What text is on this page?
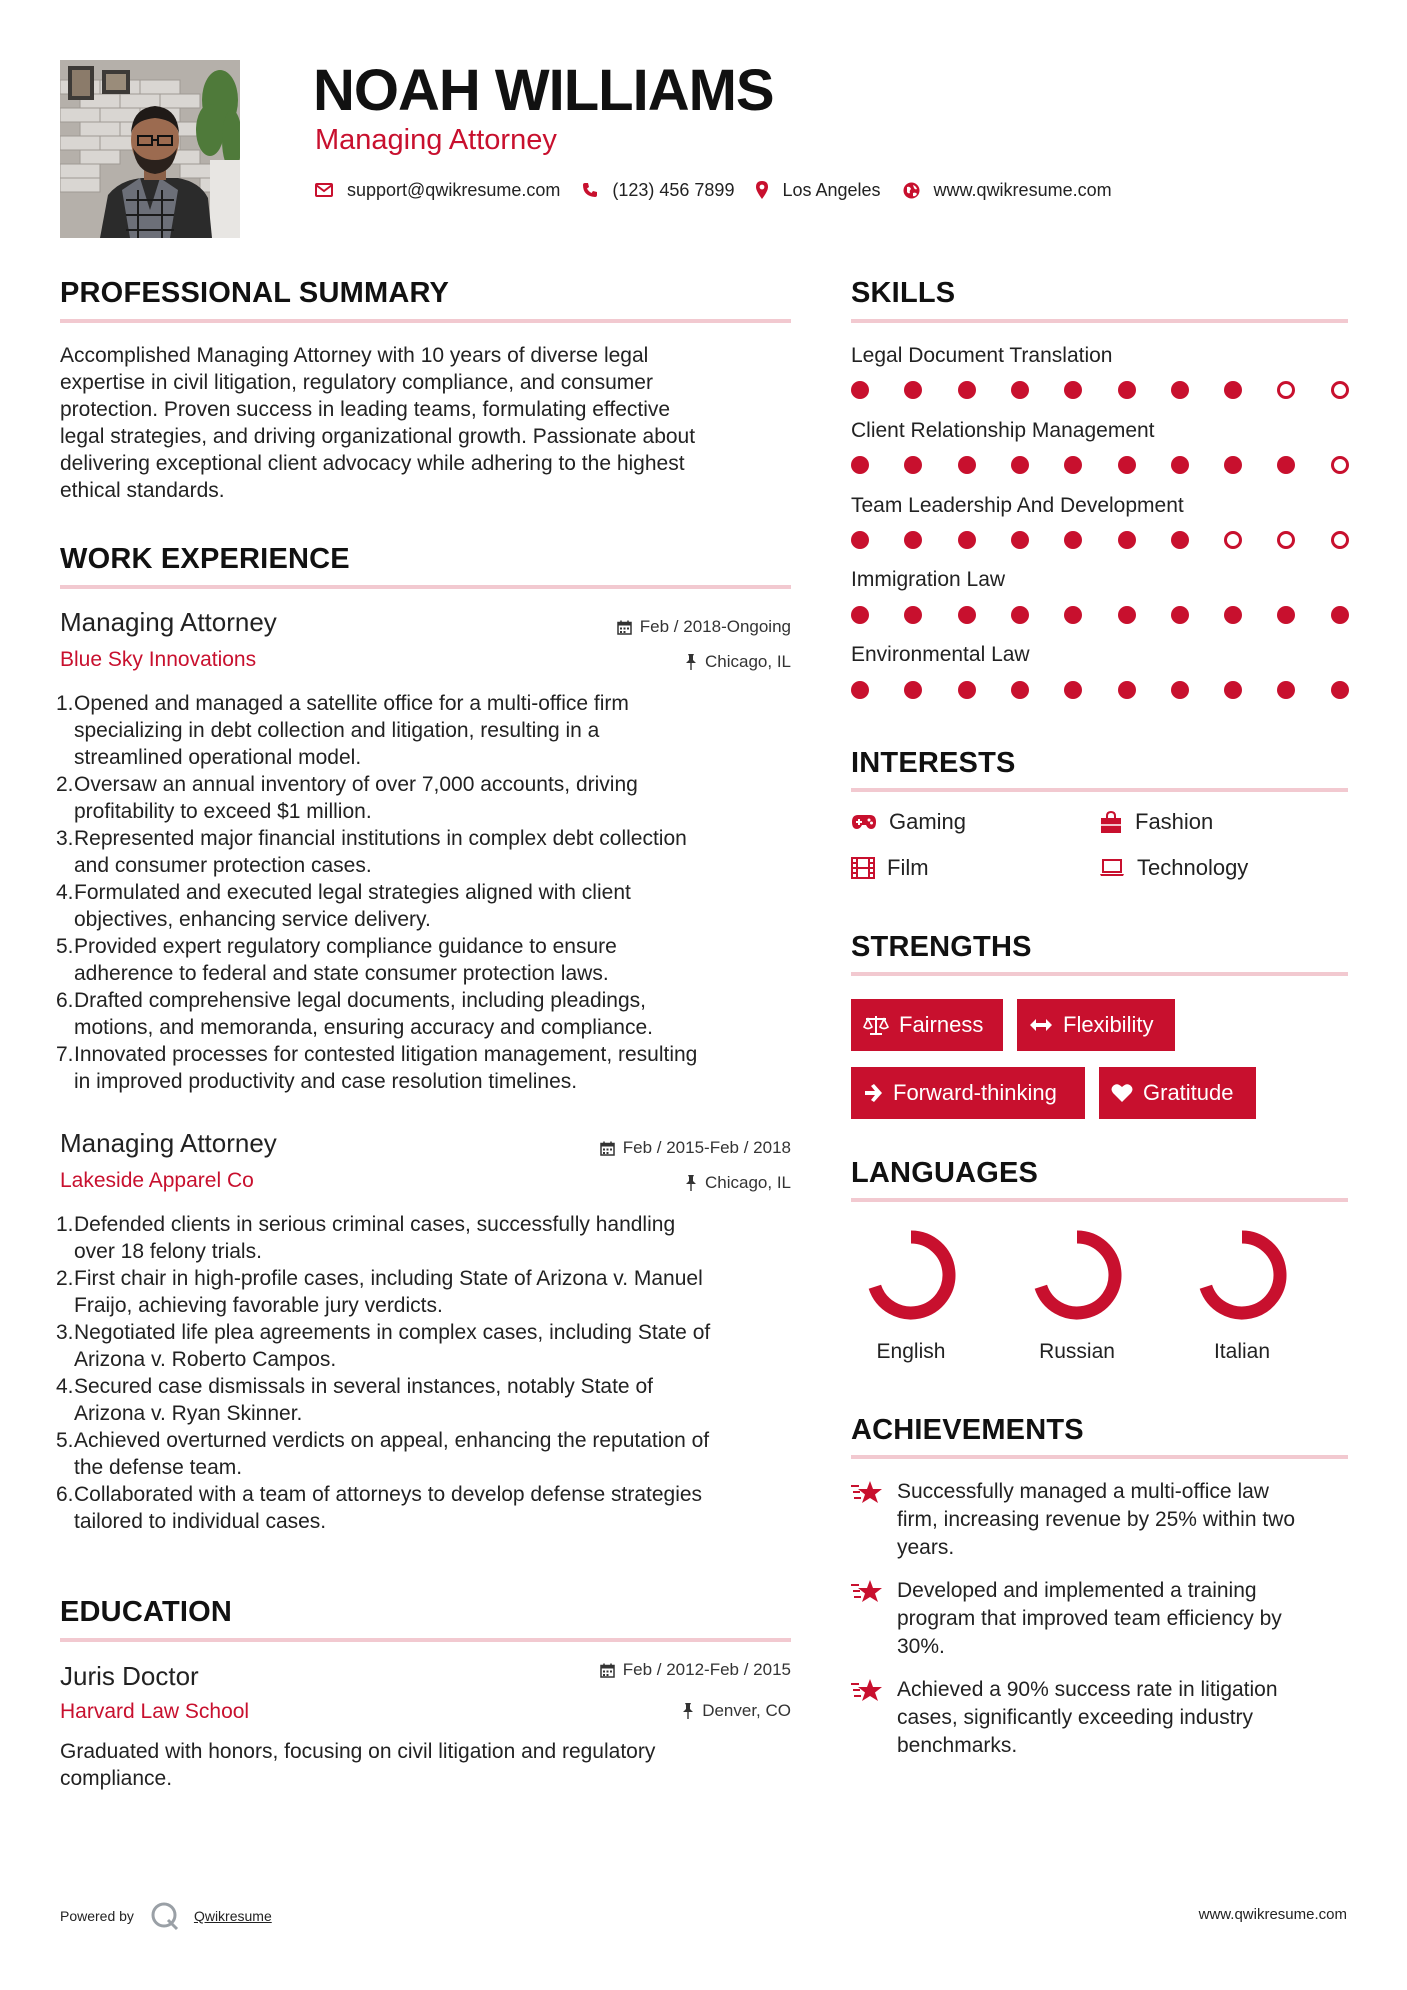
NOAH WILLIAMS
Managing Attorney
support@qwikresume.com	(123) 456 7899	Los Angeles	www.qwikresume.com
PROFESSIONAL SUMMARY
Accomplished Managing Attorney with 10 years of diverse legal
expertise in civil litigation, regulatory compliance, and consumer
protection. Proven success in leading teams, formulating effective
legal strategies, and driving organizational growth. Passionate about
delivering exceptional client advocacy while adhering to the highest
ethical standards.
WORK EXPERIENCE
Managing Attorney	Feb / 2018-Ongoing
Blue Sky Innovations	Chicago, IL
1. Opened and managed a satellite office for a multi-office firm
specializing in debt collection and litigation, resulting in a
streamlined operational model.
2. Oversaw an annual inventory of over 7,000 accounts, driving
profitability to exceed $1 million.
3. Represented major financial institutions in complex debt collection
and consumer protection cases.
4. Formulated and executed legal strategies aligned with client
objectives, enhancing service delivery.
5. Provided expert regulatory compliance guidance to ensure
adherence to federal and state consumer protection laws.
6. Drafted comprehensive legal documents, including pleadings,
motions, and memoranda, ensuring accuracy and compliance.
7. Innovated processes for contested litigation management, resulting
in improved productivity and case resolution timelines.
Managing Attorney	Feb / 2015-Feb / 2018
Lakeside Apparel Co	Chicago, IL
1. Defended clients in serious criminal cases, successfully handling
over 18 felony trials.
2. First chair in high-profile cases, including State of Arizona v. Manuel
Fraijo, achieving favorable jury verdicts.
3. Negotiated life plea agreements in complex cases, including State of
Arizona v. Roberto Campos.
4. Secured case dismissals in several instances, notably State of
Arizona v. Ryan Skinner.
5. Achieved overturned verdicts on appeal, enhancing the reputation of
the defense team.
6. Collaborated with a team of attorneys to develop defense strategies
tailored to individual cases.
EDUCATION
Juris Doctor	Feb / 2012-Feb / 2015
Harvard Law School	Denver, CO
Graduated with honors, focusing on civil litigation and regulatory
compliance.
SKILLS
Legal Document Translation
Client Relationship Management
Team Leadership And Development
Immigration Law
Environmental Law
INTERESTS
Gaming	Fashion
Film	Technology
STRENGTHS
Fairness	Flexibility
Forward-thinking	Gratitude
LANGUAGES
English	Russian	Italian
ACHIEVEMENTS
Successfully managed a multi-office law
firm, increasing revenue by 25% within two
years.
Developed and implemented a training
program that improved team efficiency by
30%.
Achieved a 90% success rate in litigation
cases, significantly exceeding industry
benchmarks.
Powered by	Qwikresume	www.qwikresume.com
